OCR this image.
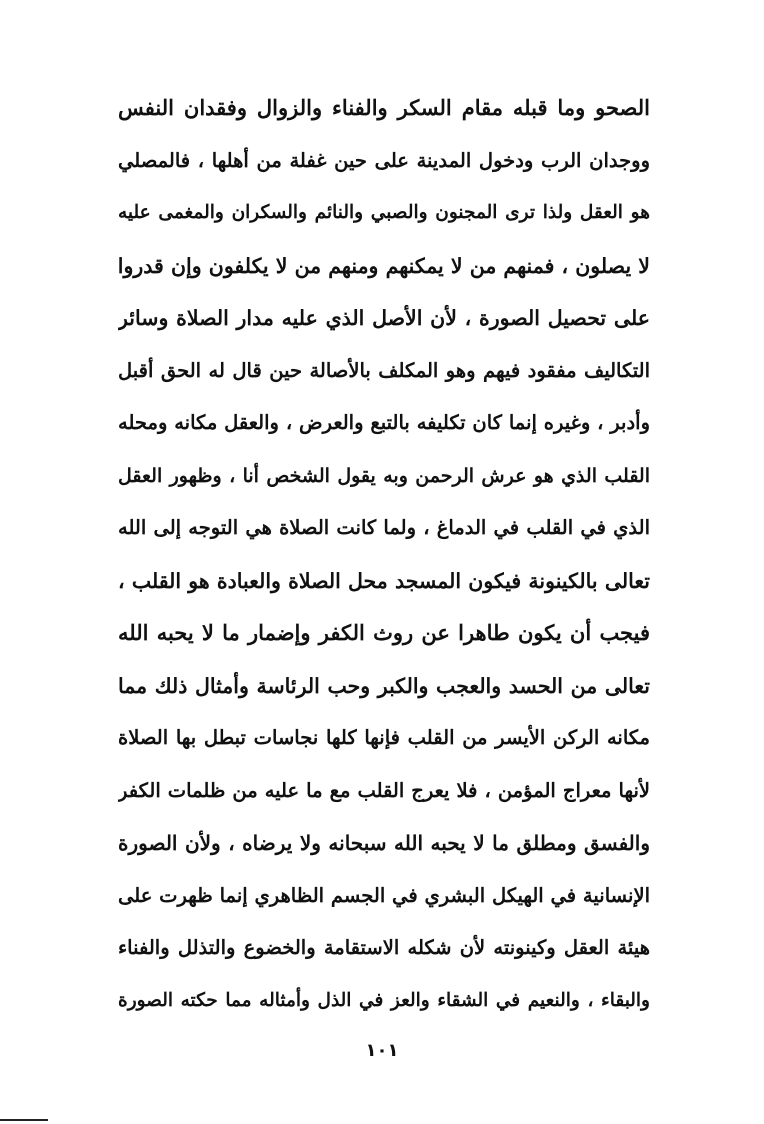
الصحو وما قبله مقام السكر والفناء والزوال وفقدان النفس
ووجدان الرب ودخول المدينة على حين غفلة من أهلها ، فالمصلي
هو العقل ولذا ترى المجنون والصبي والنائم والسكران والمغمى عليه
لا يصلون ، فمنهم من لا يمكنهم ومنهم من لا يكلفون وإن قدروا
على تحصيل الصورة ، لأن الأصل الذي عليه مدار الصلاة وسائر
التكاليف مفقود فيهم وهو المكلف بالأصالة حين قال له الحق أقبل
وأدبر ، وغيره إنما كان تكليفه بالتبع والعرض ، والعقل مكانه ومحله
القلب الذي هو عرش الرحمن وبه يقول الشخص أنا ، وظهور العقل
الذي في القلب في الدماغ ، ولما كانت الصلاة هي التوجه إلى الله
تعالى بالكينونة فيكون المسجد محل الصلاة والعبادة هو القلب ،
فيجب أن يكون طاهرا عن روث الكفر وإضمار ما لا يحبه الله
تعالى من الحسد والعجب والكبر وحب الرئاسة وأمثال ذلك مما
مكانه الركن الأيسر من القلب فإنها كلها نجاسات تبطل بها الصلاة
لأنها معراج المؤمن ، فلا يعرج القلب مع ما عليه من ظلمات الكفر
والفسق ومطلق ما لا يحبه الله سبحانه ولا يرضاه ، ولأن الصورة
الإنسانية في الهيكل البشري في الجسم الظاهري إنما ظهرت على
هيئة العقل وكينونته لأن شكله الاستقامة والخضوع والتذلل والفناء
والبقاء ، والنعيم في الشقاء والعز في الذل وأمثاله مما حكته الصورة
١٠١
